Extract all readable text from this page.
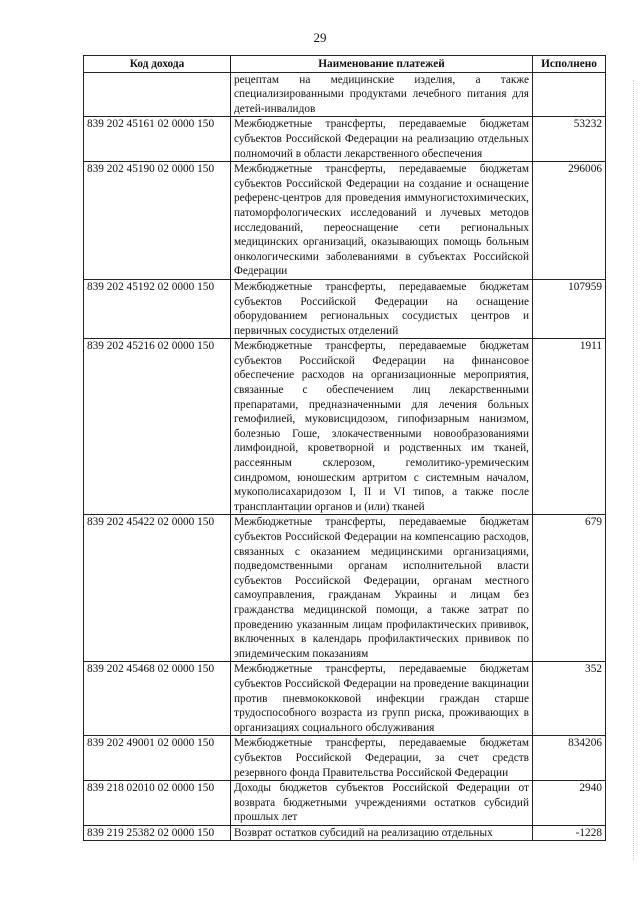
29
Код дохода	Наименование платежей	Исполнено
	рецептам на медицинские изделия, а также специализированными продуктами лечебного питания для детей-инвалидов	
839 202 45161 02 0000 150	Межбюджетные трансферты, передаваемые бюджетам субъектов Российской Федерации на реализацию отдельных полномочий в области лекарственного обеспечения	53232
839 202 45190 02 0000 150	Межбюджетные трансферты, передаваемые бюджетам субъектов Российской Федерации на создание и оснащение референс-центров для проведения иммуногистохимических, патоморфологических исследований и лучевых методов исследований, переоснащение сети региональных медицинских организаций, оказывающих помощь больным онкологическими заболеваниями в субъектах Российской Федерации	296006
839 202 45192 02 0000 150	Межбюджетные трансферты, передаваемые бюджетам субъектов Российской Федерации на оснащение оборудованием региональных сосудистых центров и первичных сосудистых отделений	107959
839 202 45216 02 0000 150	Межбюджетные трансферты, передаваемые бюджетам субъектов Российской Федерации на финансовое обеспечение расходов на организационные мероприятия, связанные с обеспечением лиц лекарственными препаратами, предназначенными для лечения больных гемофилией, муковисцидозом, гипофизарным нанизмом, болезнью Гоше, злокачественными новообразованиями лимфоидной, кроветворной и родственных им тканей, рассеянным склерозом, гемолитико-уремическим синдромом, юношеским артритом с системным началом, мукополисахаридозом I, II и VI типов, а также после трансплантации органов и (или) тканей	1911
839 202 45422 02 0000 150	Межбюджетные трансферты, передаваемые бюджетам субъектов Российской Федерации на компенсацию расходов, связанных с оказанием медицинскими организациями, подведомственными органам исполнительной власти субъектов Российской Федерации, органам местного самоуправления, гражданам Украины и лицам без гражданства медицинской помощи, а также затрат по проведению указанным лицам профилактических прививок, включенных в календарь профилактических прививок по эпидемическим показаниям	679
839 202 45468 02 0000 150	Межбюджетные трансферты, передаваемые бюджетам субъектов Российской Федерации на проведение вакцинации против пневмококковой инфекции граждан старше трудоспособного возраста из групп риска, проживающих в организациях социального обслуживания	352
839 202 49001 02 0000 150	Межбюджетные трансферты, передаваемые бюджетам субъектов Российской Федерации, за счет средств резервного фонда Правительства Российской Федерации	834206
839 218 02010 02 0000 150	Доходы бюджетов субъектов Российской Федерации от возврата бюджетными учреждениями остатков субсидий прошлых лет	2940
839 219 25382 02 0000 150	Возврат остатков субсидий на реализацию отдельных	-1228
